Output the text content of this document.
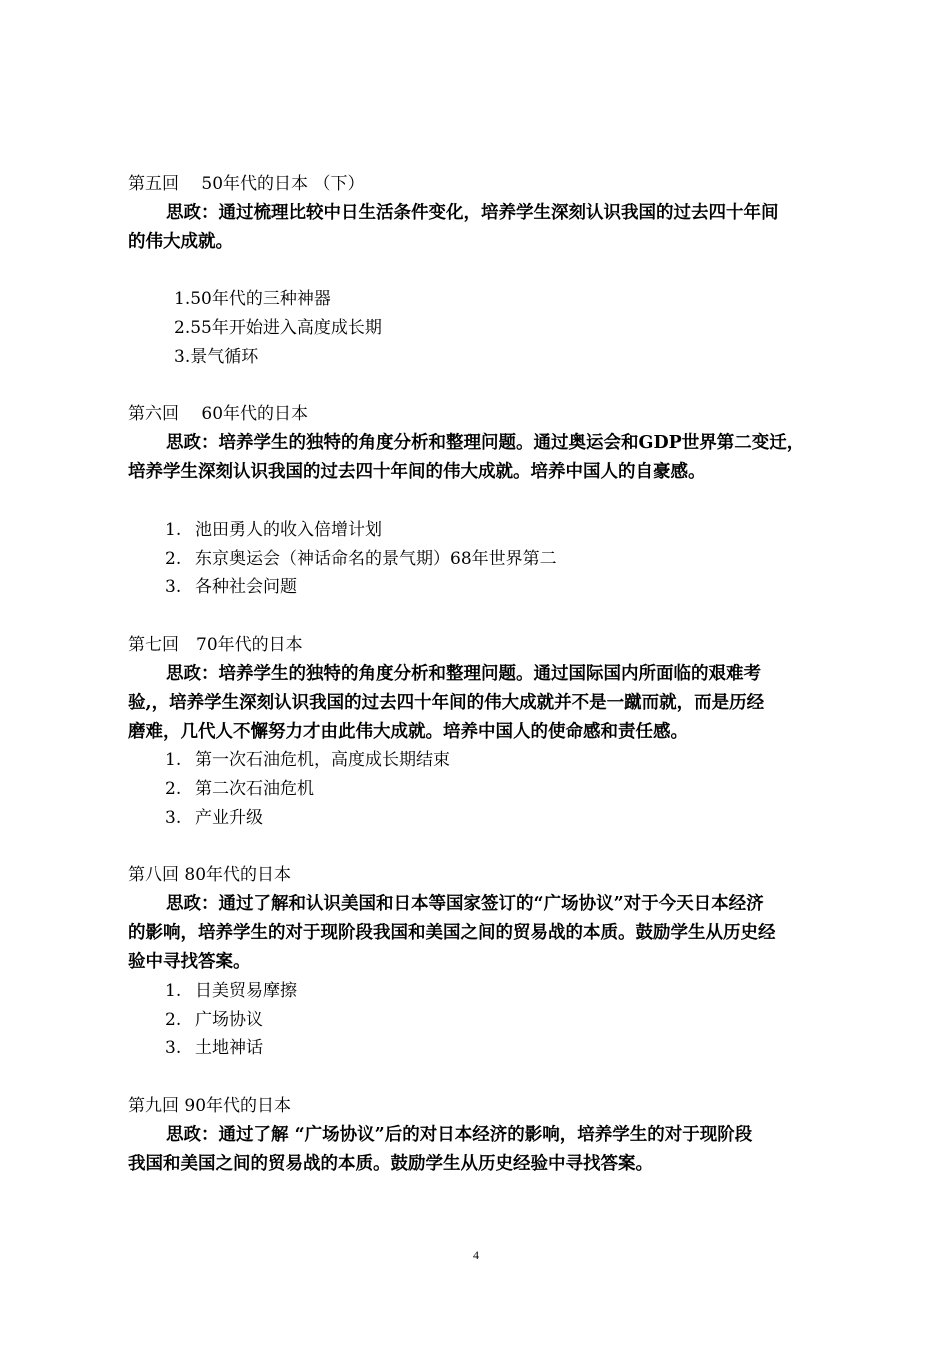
第五回　 50年代的日本 （下）
思政：通过梳理比较中日生活条件变化，培养学生深刻认识我国的过去四十年间
的伟大成就。
1.50年代的三种神器
2.55年开始进入高度成长期
3.景气循环
第六回　 60年代的日本
思政：培养学生的独特的角度分析和整理问题。通过奥运会和GDP世界第二变迁，
培养学生深刻认识我国的过去四十年间的伟大成就。培养中国人的自豪感。
1. 池田勇人的收入倍增计划
2. 东京奥运会（神话命名的景气期）68年世界第二
3. 各种社会问题
第七回　70年代的日本
思政：培养学生的独特的角度分析和整理问题。通过国际国内所面临的艰难考
验,，培养学生深刻认识我国的过去四十年间的伟大成就并不是一蹴而就，而是历经
磨难，几代人不懈努力才由此伟大成就。培养中国人的使命感和责任感。
1. 第一次石油危机，高度成长期结束
2. 第二次石油危机
3. 产业升级
第八回 80年代的日本
思政：通过了解和认识美国和日本等国家签订的“广场协议”对于今天日本经济
的影响，培养学生的对于现阶段我国和美国之间的贸易战的本质。鼓励学生从历史经
验中寻找答案。
1. 日美贸易摩擦
2. 广场协议
3. 土地神话
第九回 90年代的日本
思政：通过了解 “广场协议”后的对日本经济的影响，培养学生的对于现阶段
我国和美国之间的贸易战的本质。鼓励学生从历史经验中寻找答案。
4
